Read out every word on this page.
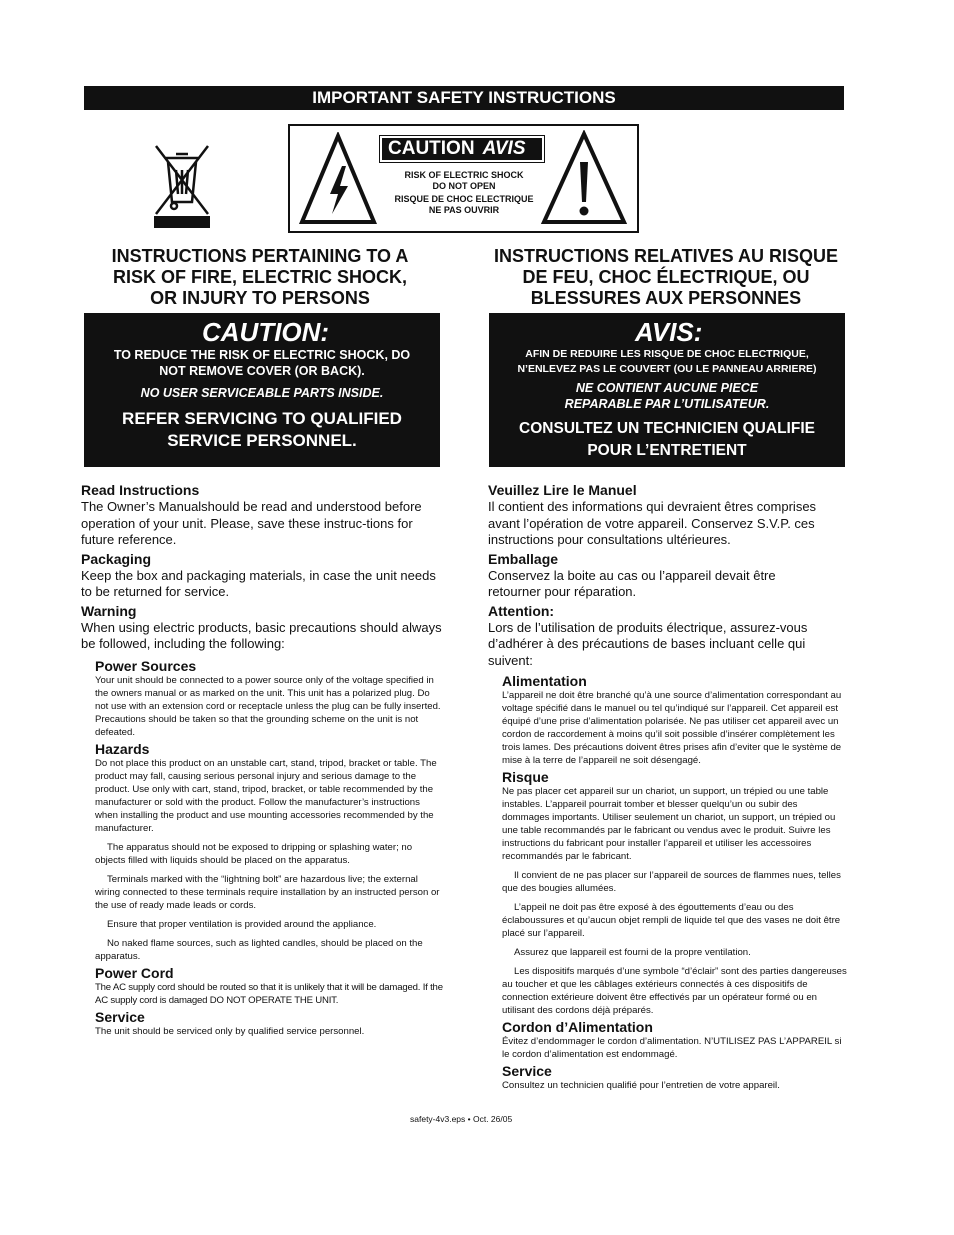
IMPORTANT SAFETY INSTRUCTIONS
CAUTION AVIS
RISK OF ELECTRIC SHOCK
DO NOT OPEN
RISQUE DE CHOC ELECTRIQUE
NE PAS OUVRIR
INSTRUCTIONS PERTAINING TO A
RISK OF FIRE, ELECTRIC SHOCK,
OR INJURY TO PERSONS
INSTRUCTIONS RELATIVES AU RISQUE
DE FEU, CHOC ÉLECTRIQUE, OU
BLESSURES AUX PERSONNES
CAUTION:
TO REDUCE THE RISK OF ELECTRIC SHOCK, DO
NOT REMOVE COVER (OR BACK).
NO USER SERVICEABLE PARTS INSIDE.
REFER SERVICING TO QUALIFIED
SERVICE PERSONNEL.
AVIS:
AFIN DE REDUIRE LES RISQUE DE CHOC ELECTRIQUE,
N’ENLEVEZ PAS LE COUVERT (OU LE PANNEAU ARRIERE)
NE CONTIENT AUCUNE PIECE
REPARABLE PAR L’UTILISATEUR.
CONSULTEZ UN TECHNICIEN QUALIFIE
POUR L’ENTRETIENT
Read Instructions
The Owner’s Manualshould be read and understood before operation of your unit. Please, save these instruc-tions for future reference.
Packaging
Keep the box and packaging materials, in case the unit needs to be returned for service.
Warning
When using electric products, basic precautions should always be followed, including the following:
Power Sources
Your unit should be connected to a power source only of the voltage specified in the owners manual or as marked on the unit. This unit has a polarized plug. Do not use with an extension cord or receptacle unless the plug can be fully inserted. Precautions should be taken so that the grounding scheme on the unit is not defeated.
Hazards
Do not place this product on an unstable cart, stand, tripod, bracket or table. The product may fall, causing serious personal injury and serious damage to the product. Use only with cart, stand, tripod, bracket, or table recommended by the manufacturer or sold with the product. Follow the manufacturer’s instructions when installing the product and use mounting accessories recommended by the manufacturer.
The apparatus should not be exposed to dripping or splashing water; no objects filled with liquids should be placed on the apparatus.
Terminals marked with the “lightning bolt” are hazardous live; the external wiring connected to these terminals require installation by an instructed person or the use of ready made leads or cords.
Ensure that proper ventilation is provided around the appliance.
No naked flame sources, such as lighted candles, should be placed on the apparatus.
Power Cord
The AC supply cord should be routed so that it is unlikely that it will be damaged. If the AC supply cord is damaged DO NOT OPERATE THE UNIT.
Service
The unit should be serviced only by qualified service personnel.
Veuillez Lire le Manuel
Il contient des informations qui devraient êtres comprises avant l’opération de votre appareil. Conservez S.V.P. ces instructions pour consultations ultérieures.
Emballage
Conservez la boite au cas ou l’appareil devait être retourner pour réparation.
Attention:
Lors de l’utilisation de produits électrique, assurez-vous d’adhérer à des précautions de bases incluant celle qui suivent:
Alimentation
L’appareil ne doit être branché qu’à une source d’alimentation correspondant au voltage spécifié dans le manuel ou tel qu’indiqué sur l’appareil. Cet appareil est équipé d’une prise d’alimentation polarisée. Ne pas utiliser cet appareil avec un cordon de raccordement à moins qu’il soit possible d’insérer complètement les trois lames. Des précautions doivent êtres prises afin d’eviter que le système de mise à la terre de l’appareil ne soit désengagé.
Risque
Ne pas placer cet appareil sur un chariot, un support, un trépied ou une table instables. L’appareil pourrait tomber et blesser quelqu’un ou subir des dommages importants. Utiliser seulement un chariot, un support, un trépied ou une table recommandés par le fabricant ou vendus avec le produit. Suivre les instructions du fabricant pour installer l’appareil et utiliser les accessoires recommandés par le fabricant.
Il convient de ne pas placer sur l’appareil de sources de flammes nues, telles que des bougies allumées.
L’appeil ne doit pas être exposé à des égouttements d’eau ou des éclaboussures et qu’aucun objet rempli de liquide tel que des vases ne doit être placé sur l’appareil.
Assurez que lappareil est fourni de la propre ventilation.
Les dispositifs marqués d’une symbole “d’éclair” sont des parties dangereuses au toucher et que les câblages extérieurs connectés à ces dispositifs de connection extérieure doivent être effectivés par un opérateur formé ou en utilisant des cordons déjà préparés.
Cordon d’Alimentation
Évitez d’endommager le cordon d’alimentation. N’UTILISEZ PAS L’APPAREIL si le cordon d’alimentation est endommagé.
Service
Consultez un technicien qualifié pour l’entretien de votre appareil.
safety-4v3.eps • Oct. 26/05
